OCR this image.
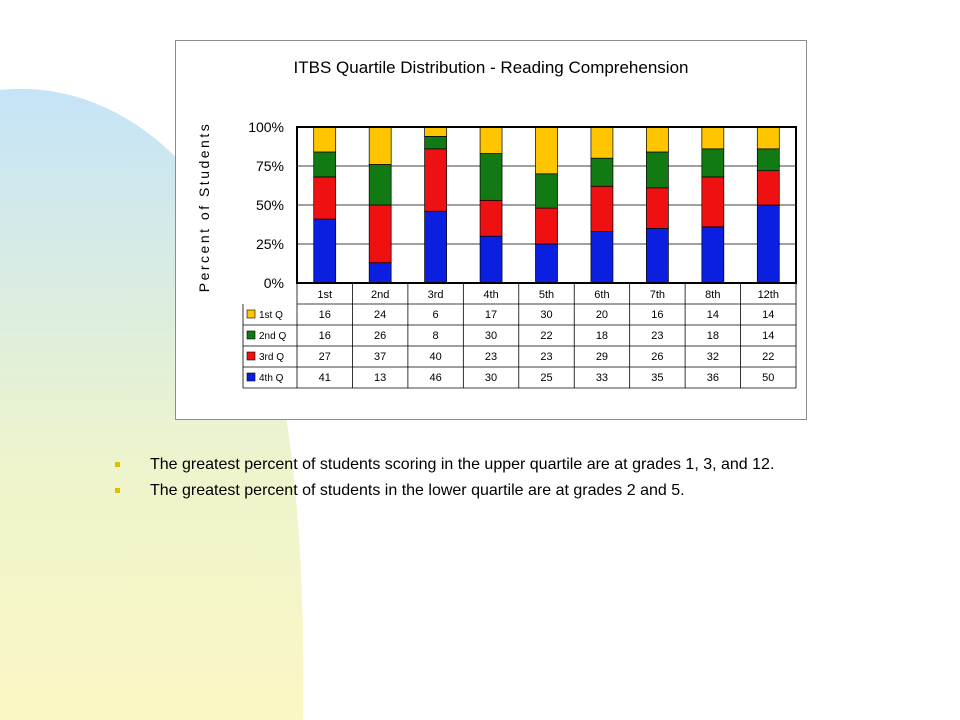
ITBS Quartile Distribution - Reading Comprehension
Percent of Students	0%
25%
50%
75%
100%
1st	2nd	3rd	4th	5th	6th	7th	8th	12th
1st Q	16	24	6	17	30	20	16	14	14
2nd Q	16	26	8	30	22	18	23	18	14
3rd Q	27	37	40	23	23	29	26	32	22
4th Q	41	13	46	30	25	33	35	36	50
The greatest percent of students scoring in the upper quartile are at grades 1, 3, and 12.
The greatest percent of students in the lower quartile are at grades 2 and 5.
